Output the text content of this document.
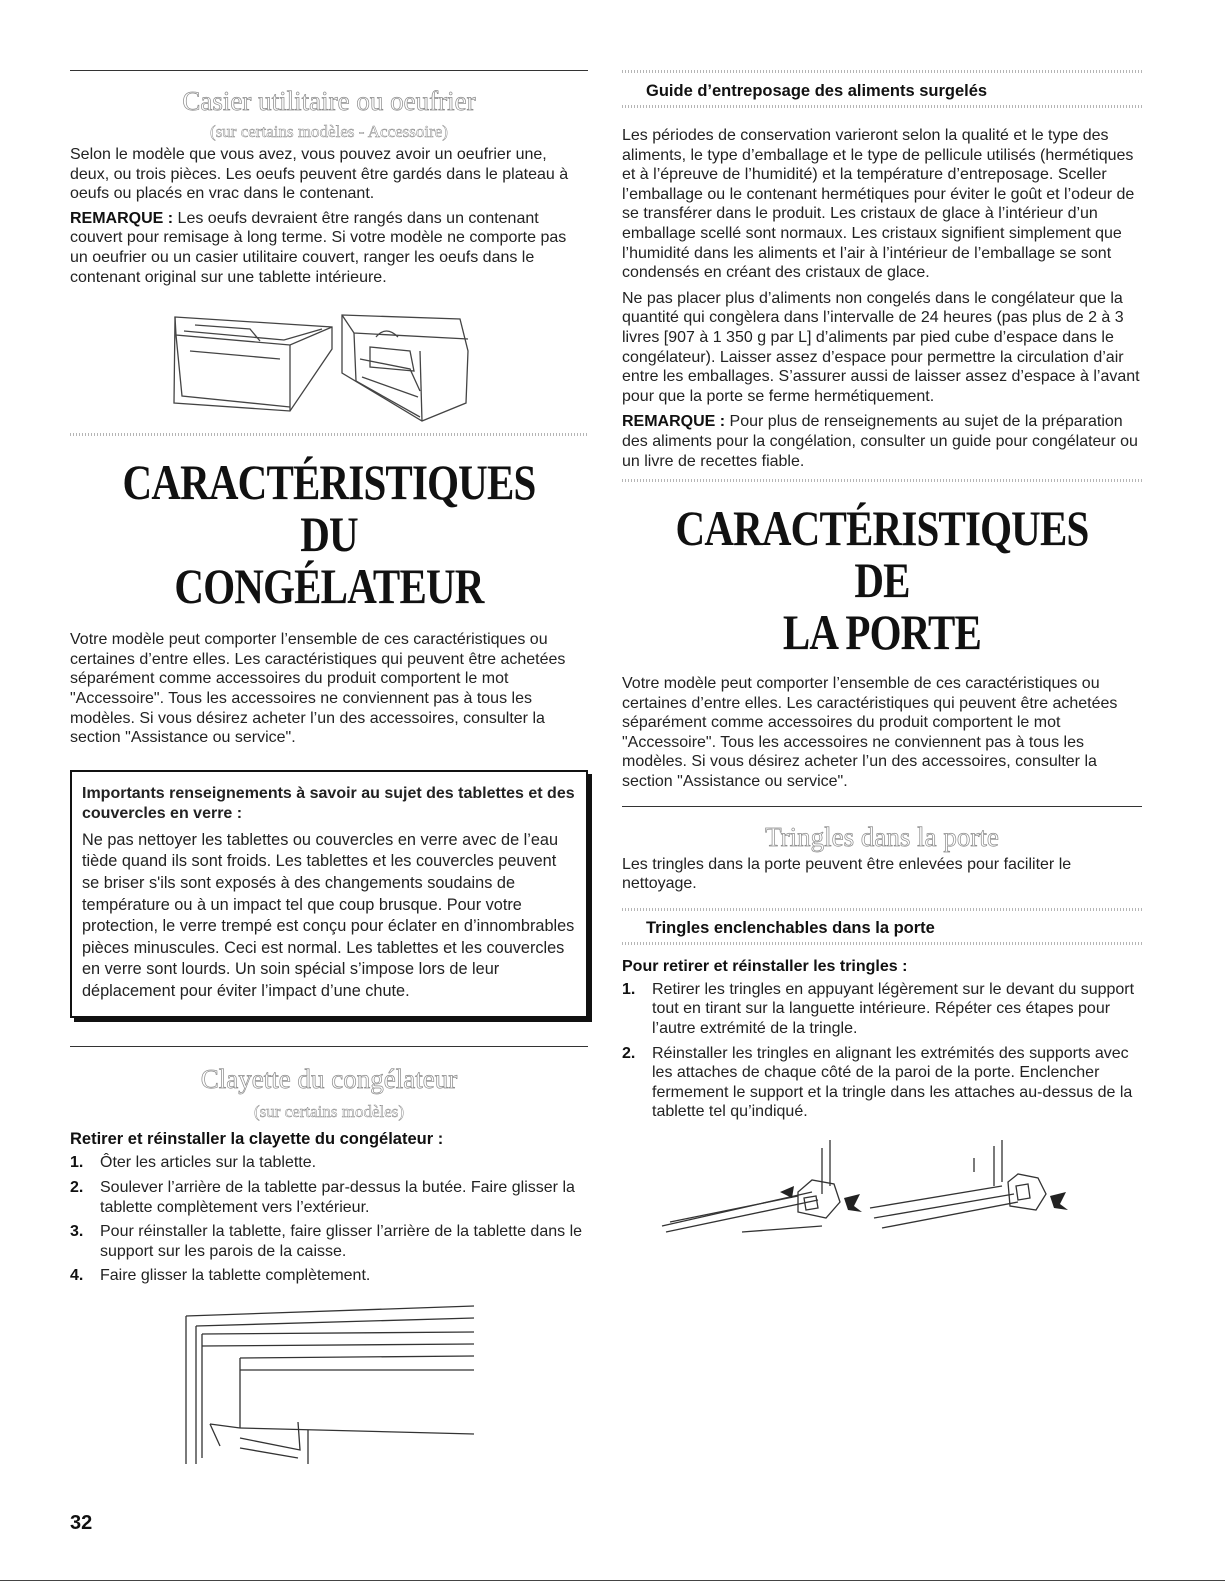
Casier utilitaire ou oeufrier
(sur certains modèles - Accessoire)

Selon le modèle que vous avez, vous pouvez avoir un oeufrier une, deux, ou trois pièces. Les oeufs peuvent être gardés dans le plateau à oeufs ou placés en vrac dans le contenant.

REMARQUE : Les oeufs devraient être rangés dans un contenant couvert pour remisage à long terme. Si votre modèle ne comporte pas un oeufrier ou un casier utilitaire couvert, ranger les oeufs dans le contenant original sur une tablette intérieure.

CARACTÉRISTIQUES DU
CONGÉLATEUR

Votre modèle peut comporter l’ensemble de ces caractéristiques ou certaines d’entre elles. Les caractéristiques qui peuvent être achetées séparément comme accessoires du produit comportent le mot "Accessoire". Tous les accessoires ne conviennent pas à tous les modèles. Si vous désirez acheter l’un des accessoires, consulter la section "Assistance ou service".

Importants renseignements à savoir au sujet des tablettes et des couvercles en verre :

Ne pas nettoyer les tablettes ou couvercles en verre avec de l’eau tiède quand ils sont froids. Les tablettes et les couvercles peuvent se briser s'ils sont exposés à des changements soudains de température ou à un impact tel que coup brusque. Pour votre protection, le verre trempé est conçu pour éclater en d’innombrables pièces minuscules. Ceci est normal. Les tablettes et les couvercles en verre sont lourds. Un soin spécial s’impose lors de leur déplacement pour éviter l’impact d’une chute.

Clayette du congélateur
(sur certains modèles)
Retirer et réinstaller la clayette du congélateur :
1. Ôter les articles sur la tablette.
2. Soulever l’arrière de la tablette par-dessus la butée. Faire glisser la tablette complètement vers l’extérieur.
3. Pour réinstaller la tablette, faire glisser l’arrière de la tablette dans le support sur les parois de la caisse.
4. Faire glisser la tablette complètement.
Guide d’entreposage des aliments surgelés

Les périodes de conservation varieront selon la qualité et le type des aliments, le type d’emballage et le type de pellicule utilisés (hermétiques et à l’épreuve de l’humidité) et la température d’entreposage. Sceller l’emballage ou le contenant hermétiques pour éviter le goût et l’odeur de se transférer dans le produit. Les cristaux de glace à l’intérieur d’un emballage scellé sont normaux. Les cristaux signifient simplement que l’humidité dans les aliments et l’air à l’intérieur de l’emballage se sont condensés en créant des cristaux de glace.

Ne pas placer plus d’aliments non congelés dans le congélateur que la quantité qui congèlera dans l’intervalle de 24 heures (pas plus de 2 à 3 livres [907 à 1 350 g par L] d’aliments par pied cube d’espace dans le congélateur). Laisser assez d’espace pour permettre la circulation d’air entre les emballages. S’assurer aussi de laisser assez d’espace à l’avant pour que la porte se ferme hermétiquement.

REMARQUE : Pour plus de renseignements au sujet de la préparation des aliments pour la congélation, consulter un guide pour congélateur ou un livre de recettes fiable.

CARACTÉRISTIQUES DE
LA PORTE

Votre modèle peut comporter l’ensemble de ces caractéristiques ou certaines d’entre elles. Les caractéristiques qui peuvent être achetées séparément comme accessoires du produit comportent le mot "Accessoire". Tous les accessoires ne conviennent pas à tous les modèles. Si vous désirez acheter l’un des accessoires, consulter la section "Assistance ou service".

Tringles dans la porte

Les tringles dans la porte peuvent être enlevées pour faciliter le nettoyage.

Tringles enclenchables dans la porte
Pour retirer et réinstaller les tringles :
1. Retirer les tringles en appuyant légèrement sur le devant du support tout en tirant sur la languette intérieure. Répéter ces étapes pour l’autre extrémité de la tringle.
2. Réinstaller les tringles en alignant les extrémités des supports avec les attaches de chaque côté de la paroi de la porte. Enclencher fermement le support et la tringle dans les attaches au-dessus de la tablette tel qu’indiqué.
32
